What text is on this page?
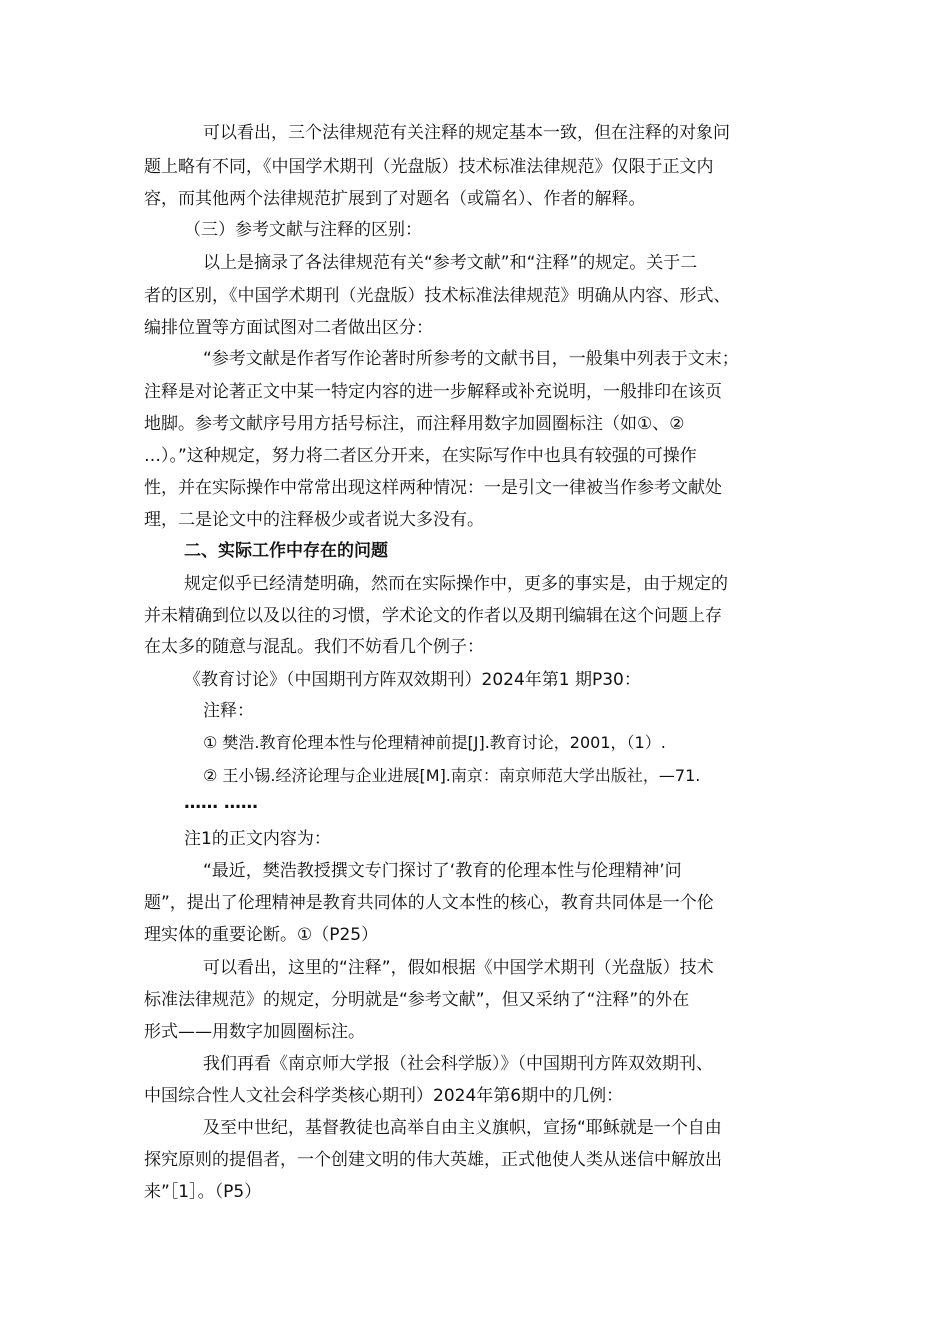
可以看出，三个法律规范有关注释的规定基本一致，但在注释的对象问
题上略有不同，《中国学术期刊（光盘版）技术标准法律规范》仅限于正文内
容，而其他两个法律规范扩展到了对题名（或篇名）、作者的解释。
（三）参考文献与注释的区别：
以上是摘录了各法律规范有关“参考文献”和“注释”的规定。关于二
者的区别，《中国学术期刊（光盘版）技术标准法律规范》明确从内容、形式、
编排位置等方面试图对二者做出区分：
“参考文献是作者写作论著时所参考的文献书目，一般集中列表于文末；
注释是对论著正文中某一特定内容的进一步解释或补充说明，一般排印在该页
地脚。参考文献序号用方括号标注，而注释用数字加圆圈标注（如①、②
…）。”这种规定，努力将二者区分开来，在实际写作中也具有较强的可操作
性，并在实际操作中常常出现这样两种情况：一是引文一律被当作参考文献处
理，二是论文中的注释极少或者说大多没有。
二、实际工作中存在的问题
规定似乎已经清楚明确，然而在实际操作中，更多的事实是，由于规定的
并未精确到位以及以往的习惯，学术论文的作者以及期刊编辑在这个问题上存
在太多的随意与混乱。我们不妨看几个例子：
《教育讨论》（中国期刊方阵双效期刊）2024年第1 期P30：
注释：
① 樊浩.教育伦理本性与伦理精神前提[J].教育讨论，2001，（1）.
② 王小锡.经济论理与企业进展[M].南京：南京师范大学出版社，—71.
…… ……
注1的正文内容为：
“最近，樊浩教授撰文专门探讨了‘教育的伦理本性与伦理精神’问
题”，提出了伦理精神是教育共同体的人文本性的核心，教育共同体是一个伦
理实体的重要论断。①（P25）
可以看出，这里的“注释”，假如根据《中国学术期刊（光盘版）技术
标准法律规范》的规定，分明就是“参考文献”，但又采纳了“注释”的外在
形式——用数字加圆圈标注。
我们再看《南京师大学报（社会科学版）》（中国期刊方阵双效期刊、
中国综合性人文社会科学类核心期刊）2024年第6期中的几例：
及至中世纪，基督教徒也高举自由主义旗帜，宣扬“耶稣就是一个自由
探究原则的提倡者，一个创建文明的伟大英雄，正式他使人类从迷信中解放出
来”［1］。（P5）
